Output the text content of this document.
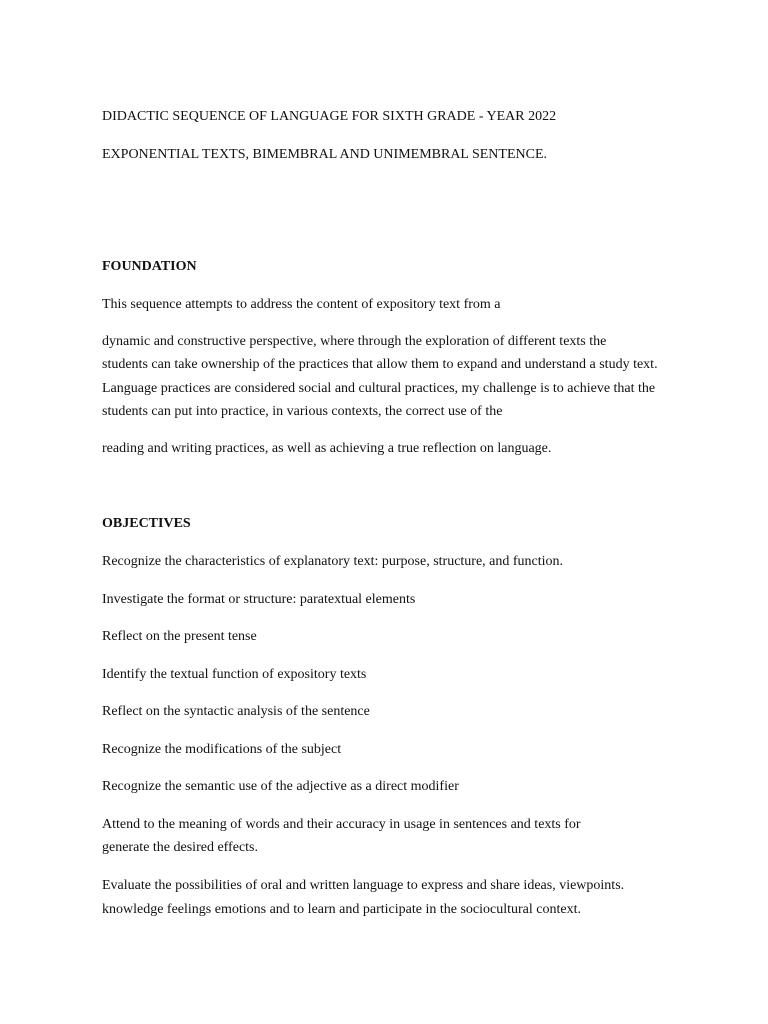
DIDACTIC SEQUENCE OF LANGUAGE FOR SIXTH GRADE - YEAR 2022
EXPONENTIAL TEXTS, BIMEMBRAL AND UNIMEMBRAL SENTENCE.
FOUNDATION
This sequence attempts to address the content of expository text from a
dynamic and constructive perspective, where through the exploration of different texts the
students can take ownership of the practices that allow them to expand and understand a study text.
Language practices are considered social and cultural practices, my challenge is to achieve that the
students can put into practice, in various contexts, the correct use of the
reading and writing practices, as well as achieving a true reflection on language.
OBJECTIVES
Recognize the characteristics of explanatory text: purpose, structure, and function.
Investigate the format or structure: paratextual elements
Reflect on the present tense
Identify the textual function of expository texts
Reflect on the syntactic analysis of the sentence
Recognize the modifications of the subject
Recognize the semantic use of the adjective as a direct modifier
Attend to the meaning of words and their accuracy in usage in sentences and texts for
generate the desired effects.
Evaluate the possibilities of oral and written language to express and share ideas, viewpoints.
knowledge feelings emotions and to learn and participate in the sociocultural context.
